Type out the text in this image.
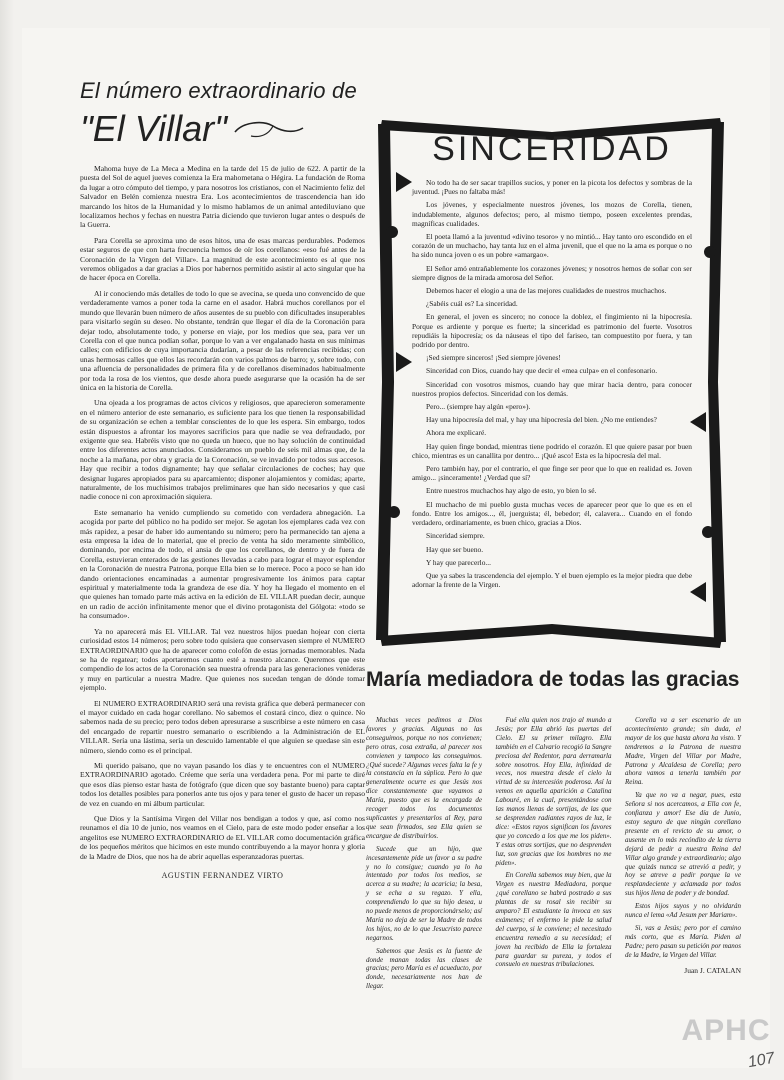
El número extraordinario de

"El Villar"

Mahoma huye de La Meca a Medina en la tarde del 15 de julio de 622. A partir de la puesta del Sol de aquel jueves comienza la Era mahometana o Hégira. La fundación de Roma da lugar a otro cómputo del tiempo, y para nosotros los cristianos, con el Nacimiento feliz del Salvador en Belén comienza nuestra Era. Los acontecimientos de trascendencia han ido marcando los hitos de la Humanidad y lo mismo hablamos de un animal antediluviano que localizamos hechos y fechas en nuestra Patria diciendo que tuvieron lugar antes o después de la Guerra.

Para Corella se aproxima uno de esos hitos, una de esas marcas perdurables. Podemos estar seguros de que con harta frecuencia hemos de oír los corellanos: «eso fué antes de la Coronación de la Virgen del Villar». La magnitud de este acontecimiento es al que nos veremos obligados a dar gracias a Dios por habernos permitido asistir al acto singular que ha de hacer época en Corella.

Al ir conociendo más detalles de todo lo que se avecina, se queda uno convencido de que verdaderamente vamos a poner toda la carne en el asador. Habrá muchos corellanos por el mundo que llevarán buen número de años ausentes de su pueblo con dificultades insuperables para visitarlo según su deseo. No obstante, tendrán que llegar el día de la Coronación para dejar todo, absolutamente todo, y ponerse en viaje, por los medios que sea, para ver un Corella con el que nunca podían soñar, porque lo van a ver engalanado hasta en sus mínimas calles; con edificios de cuya importancia dudarían, a pesar de las referencias recibidas; con unas hermosas calles que ellos las recordarán con varios palmos de barro; y, sobre todo, con una afluencia de personalidades de primera fila y de corellanos diseminados habitualmente por toda la rosa de los vientos, que desde ahora puede asegurarse que la ocasión ha de ser única en la historia de Corella.

Una ojeada a los programas de actos cívicos y religiosos, que aparecieron someramente en el número anterior de este semanario, es suficiente para los que tienen la responsabilidad de su organización se echen a temblar conscientes de lo que les espera. Sin embargo, todos están dispuestos a afrontar los mayores sacrificios para que nadie se vea defraudado, por exigente que sea. Habréis visto que no queda un hueco, que no hay solución de continuidad entre los diferentes actos anunciados. Consideramos un pueblo de seis mil almas que, de la noche a la mañana, por obra y gracia de la Coronación, se ve invadido por todos sus accesos. Hay que recibir a todos dignamente; hay que señalar circulaciones de coches; hay que designar lugares apropiados para su aparcamiento; disponer alojamientos y comidas; aparte, naturalmente, de los muchísimos trabajos preliminares que han sido necesarios y que casi nadie conoce ni con aproximación siquiera.

Este semanario ha venido cumpliendo su cometido con verdadera abnegación. La acogida por parte del público no ha podido ser mejor. Se agotan los ejemplares cada vez con más rapidez, a pesar de haber ido aumentando su número; pero ha permanecido tan ajena a esta empresa la idea de lo material, que el precio de venta ha sido meramente simbólico, dominando, por encima de todo, el ansia de que los corellanos, de dentro y de fuera de Corella, estuvieran enterados de las gestiones llevadas a cabo para lograr el mayor esplendor en la Coronación de nuestra Patrona, porque Ella bien se lo merece. Poco a poco se han ido dando orientaciones encaminadas a aumentar progresivamente los ánimos para captar espiritual y materialmente toda la grandeza de ese día. Y hoy ha llegado el momento en el que quienes han tomado parte más activa en la edición de EL VILLAR puedan decir, aunque en un radio de acción infinitamente menor que el divino protagonista del Gólgota: «todo se ha consumado».

Ya no aparecerá más EL VILLAR. Tal vez nuestros hijos puedan hojear con cierta curiosidad estos 14 números; pero sobre todo quisiera que conservasen siempre el NUMERO EXTRAORDINARIO que ha de aparecer como colofón de estas jornadas memorables. Nada se ha de regatear; todos aportaremos cuanto esté a nuestro alcance. Queremos que este compendio de los actos de la Coronación sea nuestra ofrenda para las generaciones venideras y muy en particular a nuestra Madre. Que quienes nos sucedan tengan de dónde tomar ejemplo.

El NUMERO EXTRAORDINARIO será una revista gráfica que deberá permanecer con el mayor cuidado en cada hogar corellano. No sabemos el costará cinco, diez o quince. No sabemos nada de su precio; pero todos deben apresurarse a suscribirse a este número en casa del encargado de repartir nuestro semanario o escribiendo a la Administración de EL VILLAR. Sería una lástima, sería un descuido lamentable el que alguien se quedase sin este número, siendo como es el principal.

Mi querido paisano, que no vayan pasando los días y te encuentres con el NUMERO EXTRAORDINARIO agotado. Créeme que sería una verdadera pena. Por mi parte te diré que esos días pienso estar hasta de fotógrafo (que dicen que soy bastante bueno) para captar todos los detalles posibles para ponerlos ante tus ojos y para tener el gusto de hacer un repaso de vez en cuando en mi álbum particular.

Que Dios y la Santísima Virgen del Villar nos bendigan a todos y que, así como nos reunamos el día 10 de junio, nos veamos en el Cielo, para de este modo poder enseñar a los angelitos ese NUMERO EXTRAORDINARIO de EL VILLAR como documentación gráfica de los pequeños méritos que hicimos en este mundo contribuyendo a la mayor honra y gloria de la Madre de Dios, que nos ha de abrir aquellas esperanzadoras puertas.

AGUSTIN FERNANDEZ VIRTO
SINCERIDAD

No todo ha de ser sacar trapillos sucios, y poner en la picota los defectos y sombras de la juventud. ¡Pues no faltaba más!

Los jóvenes, y especialmente nuestros jóvenes, los mozos de Corella, tienen, indudablemente, algunos defectos; pero, al mismo tiempo, poseen excelentes prendas, magníficas cualidades.

El poeta llamó a la juventud «divino tesoro» y no mintió... Hay tanto oro escondido en el corazón de un muchacho, hay tanta luz en el alma juvenil, que el que no la ama es porque o no ha sido nunca joven o es un pobre «amargao».

El Señor amó entrañablemente los corazones jóvenes; y nosotros hemos de soñar con ser siempre dignos de la mirada amorosa del Señor.

Debemos hacer el elogio a una de las mejores cualidades de nuestros muchachos.

¿Sabéis cuál es? La sinceridad.

En general, el joven es sincero; no conoce la doblez, el fingimiento ni la hipocresía. Porque es ardiente y porque es fuerte; la sinceridad es patrimonio del fuerte. Vosotros repudiáis la hipocresía; os da náuseas el tipo del fariseo, tan compuestito por fuera, y tan podrido por dentro.

¡Sed siempre sinceros! ¡Sed siempre jóvenes!

Sinceridad con Dios, cuando hay que decir el «mea culpa» en el confesonario.

Sinceridad con vosotros mismos, cuando hay que mirar hacia dentro, para conocer nuestros propios defectos. Sinceridad con los demás.

Pero... (siempre hay algún «pero»).

Hay una hipocresía del mal, y hay una hipocresía del bien. ¿No me entiendes?

Ahora me explicaré.

Hay quien finge bondad, mientras tiene podrido el corazón. El que quiere pasar por buen chico, mientras es un canallita por dentro... ¡Qué asco! Esta es la hipocresía del mal.

Pero también hay, por el contrario, el que finge ser peor que lo que en realidad es. Joven amigo... ¡sinceramente! ¿Verdad que sí?

Entre nuestros muchachos hay algo de esto, yo bien lo sé.

El muchacho de mi pueblo gusta muchas veces de aparecer peor que lo que es en el fondo. Entre los amigos..., él, juerguista; él, bebedor; él, calavera... Cuando en el fondo verdadero, ordinariamente, es buen chico, gracias a Dios.

Sinceridad siempre.

Hay que ser bueno.

Y hay que parecerlo...

Que ya sabes la trascendencia del ejemplo. Y el buen ejemplo es la mejor piedra que debe adornar la frente de la Virgen.

María mediadora de todas las gracias

Muchas veces pedimos a Dios favores y gracias. Algunas no las conseguimos, porque no nos convienen; pero otras, cosa extraña, al parecer nos convienen y tampoco las conseguimos. ¿Qué sucede? Algunas veces falta la fe y la constancia en la súplica. Pero lo que generalmente ocurre es que Jesús nos dice constantemente que vayamos a María, puesto que es la encargada de recoger todos los documentos suplicantes y presentarlos al Rey, para que sean firmados, sea Ella quien se encargue de distribuirlos.

Sucede que un hijo, que incesantemente pide un favor a su padre y no lo consigue; cuando ya lo ha intentado por todos los medios, se acerca a su madre; la acaricia; la besa, y se echa a su regazo. Y ella, comprendiendo lo que su hijo desea, u no puede menos de proporcionárselo; así María no deja de ser la Madre de todos los hijos, no de lo que Jesucristo parece negarnos.

Sabemos que Jesús es la fuente de donde manan todas las clases de gracias; pero María es el acueducto, por donde, necesariamente nos han de llegar.

Fué ella quien nos trajo al mundo a Jesús; por Ella abrió las puertas del Cielo. El su primer milagro. Ella también en el Calvario recogió la Sangre preciosa del Redentor, para derramarla sobre nosotros. Hoy Ella, infinidad de veces, nos muestra desde el cielo la virtud de su intercesión poderosa. Así la vemos en aquella aparición a Catalina Labouré, en la cual, presentándose con las manos llenas de sortijas, de las que se desprenden radiantes rayos de luz, le dice: «Estos rayos significan los favores que yo concedo a los que me los piden». Y estas otras sortijas, que no desprenden luz, son gracias que los hombres no me piden».

En Corella sabemos muy bien, que la Virgen es nuestra Mediadora, porque ¿qué corellano se habrá postrado a sus plantas de su rosal sin recibir su amparo? El estudiante la invoca en sus exámenes; el enfermo le pide la salud del cuerpo, si le conviene; el necesitado encuentra remedio a su necesidad; el joven ha recibido de Ella la fortaleza para guardar su pureza, y todos el consuelo en nuestras tribulaciones.

Corella va a ser escenario de un acontecimiento grande; sin duda, el mayor de los que hasta ahora ha visto. Y tendremos a la Patrona de nuestra Madre, Virgen del Villar por Madre, Patrona y Alcaldesa de Corella; pero ahora vamos a tenerla también por Reina.

Ya que no va a negar, pues, esta Señora si nos acercamos, a Ella con fe, confianza y amor! Ese día de Junio, estoy seguro de que ningún corellano presente en el revicto de su amor, o ausente en lo más recóndito de la tierra dejará de pedir a nuestra Reina del Villar algo grande y extraordinario; algo que quizás nunca se atrevió a pedir, y hoy se atreve a pedir porque la ve resplandeciente y aclamada por todos sus hijos llena de poder y de bondad.

Estos hijos suyos y no olvidarán nunca el lema «Ad Jesum per Mariam».

Si, vas a Jesús; pero por el camino más corto, que es María. Piden al Padre; pero pasan su petición por manos de la Madre, la Virgen del Villar.

Juan J. CATALAN
APHC
107
